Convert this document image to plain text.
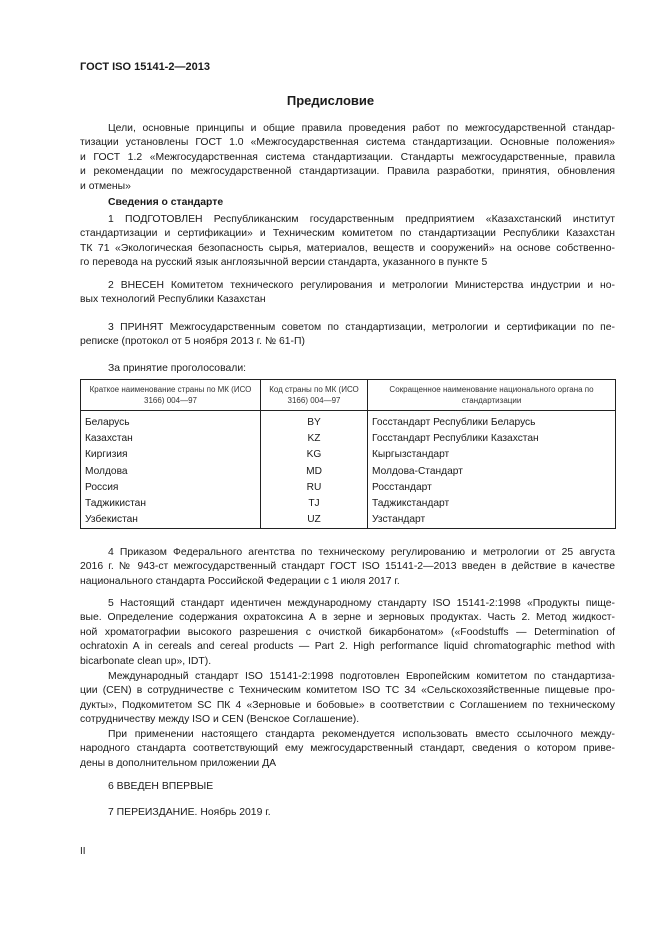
ГОСТ ISO 15141-2—2013
Предисловие
Цели, основные принципы и общие правила проведения работ по межгосударственной стандар-
тизации установлены ГОСТ 1.0 «Межгосударственная система стандартизации. Основные положения»
и ГОСТ 1.2 «Межгосударственная система стандартизации. Стандарты межгосударственные, правила
и рекомендации по межгосударственной стандартизации. Правила разработки, принятия, обновления
и отмены»
Сведения о стандарте
1 ПОДГОТОВЛЕН Республиканским государственным предприятием «Казахстанский институт
стандартизации и сертификации» и Техническим комитетом по стандартизации Республики Казахстан
ТК 71 «Экологическая безопасность сырья, материалов, веществ и сооружений» на основе собственно-
го перевода на русский язык англоязычной версии стандарта, указанного в пункте 5
2 ВНЕСЕН Комитетом технического регулирования и метрологии Министерства индустрии и но-
вых технологий Республики Казахстан
3 ПРИНЯТ Межгосударственным советом по стандартизации, метрологии и сертификации по пе-
реписке (протокол от 5 ноября 2013 г. № 61-П)
За принятие проголосовали:
Краткое наименование страны по МК (ИСО 3166) 004—97	Код страны по МК (ИСО 3166) 004—97	Сокращенное наименование национального органа по стандартизации
Беларусь	BY	Госстандарт Республики Беларусь
Казахстан	KZ	Госстандарт Республики Казахстан
Киргизия	KG	Кыргызстандарт
Молдова	MD	Молдова-Стандарт
Россия	RU	Росстандарт
Таджикистан	TJ	Таджикстандарт
Узбекистан	UZ	Узстандарт
4 Приказом Федерального агентства по техническому регулированию и метрологии от 25 августа
2016 г. № 943-ст межгосударственный стандарт ГОСТ ISO 15141-2—2013 введен в действие в качестве
национального стандарта Российской Федерации с 1 июля 2017 г.
5 Настоящий стандарт идентичен международному стандарту ISO 15141-2:1998 «Продукты пище-
вые. Определение содержания охратоксина А в зерне и зерновых продуктах. Часть 2. Метод жидкост-
ной хроматографии высокого разрешения с очисткой бикарбонатом» («Foodstuffs — Determination of
ochratoxin A in cereals and cereal products — Part 2. High performance liquid chromatographic method with
bicarbonate clean up», IDT).
Международный стандарт ISO 15141-2:1998 подготовлен Европейским комитетом по стандартиза-
ции (CEN) в сотрудничестве с Техническим комитетом ISO ТС 34 «Сельскохозяйственные пищевые про-
дукты», Подкомитетом SC ПК 4 «Зерновые и бобовые» в соответствии с Соглашением по техническому
сотрудничеству между ISO и CEN (Венское Соглашение).
При применении настоящего стандарта рекомендуется использовать вместо ссылочного между-
народного стандарта соответствующий ему межгосударственный стандарт, сведения о котором приве-
дены в дополнительном приложении ДА
6 ВВЕДЕН ВПЕРВЫЕ
7 ПЕРЕИЗДАНИЕ. Ноябрь 2019 г.
II
